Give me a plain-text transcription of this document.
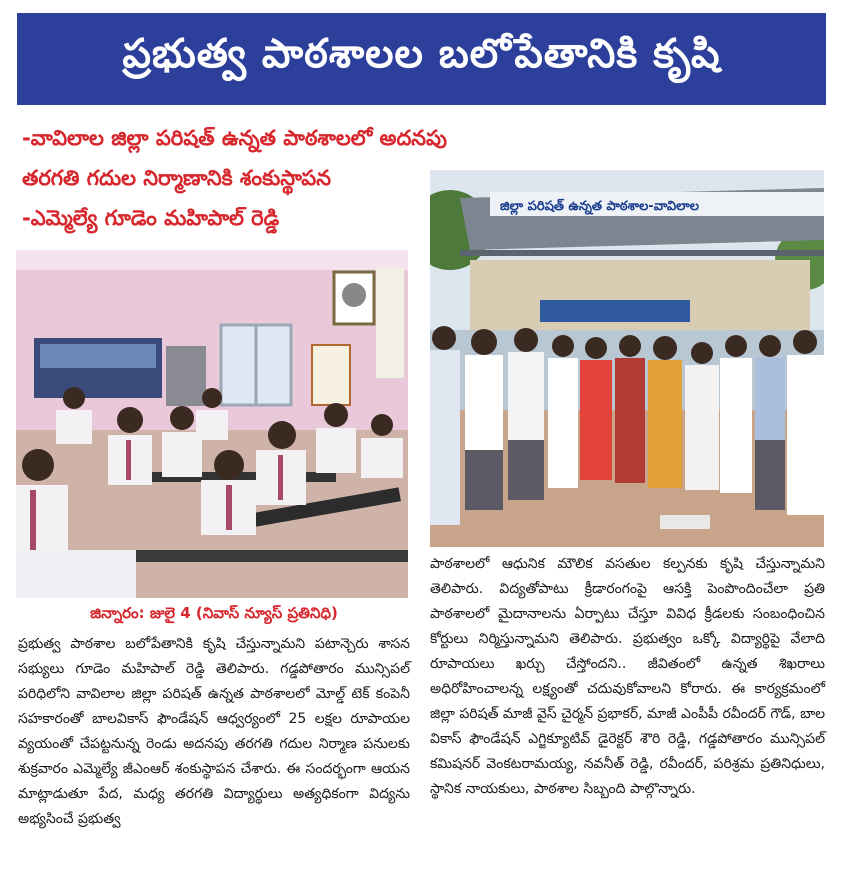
ప్రభుత్వ పాఠశాలల బలోపేతానికి కృషి
-వావిలాల జిల్లా పరిషత్ ఉన్నత పాఠశాలలో అదనపు
తరగతి గదుల నిర్మాణానికి శంకుస్థాపన
-ఎమ్మెల్యే గూడెం మహిపాల్ రెడ్డి	జిల్లా పరిషత్ ఉన్నత పాఠశాల-వావిలాల
జిన్నారం: జులై 4 (నివాస్ న్యూస్ ప్రతినిధి)

ప్రభుత్వ పాఠశాల బలోపేతానికి కృషి చేస్తున్నామని పటాన్చెరు శాసన సభ్యులు గూడెం మహిపాల్ రెడ్డి తెలిపారు. గడ్డపోతారం మున్సిపల్ పరిధిలోని వావిలాల జిల్లా పరిషత్ ఉన్నత పాఠశాలలో మోల్డ్ టెక్ కంపెనీ సహకారంతో బాలవికాస్ ఫౌండేషన్ ఆధ్వర్యంలో 25 లక్షల రూపాయల వ్యయంతో చేపట్టనున్న రెండు అదనపు తరగతి గదుల నిర్మాణ పనులకు శుక్రవారం ఎమ్మెల్యే జీఎంఆర్ శంకుస్థాపన చేశారు. ఈ సందర్భంగా ఆయన మాట్లాడుతూ పేద, మధ్య తరగతి విద్యార్థులు అత్యధికంగా విద్యను అభ్యసించే ప్రభుత్వ

పాఠశాలలో ఆధునిక మౌలిక వసతుల కల్పనకు కృషి చేస్తున్నామని తెలిపారు. విద్యతోపాటు క్రీడారంగంపై ఆసక్తి పెంపొందించేలా ప్రతి పాఠశాలలో మైదానాలను ఏర్పాటు చేస్తూ వివిధ క్రీడలకు సంబంధించిన కోర్టులు నిర్మిస్తున్నామని తెలిపారు. ప్రభుత్వం ఒక్కో విద్యార్థిపై వేలాది రూపాయలు ఖర్చు చేస్తోందని.. జీవితంలో ఉన్నత శిఖరాలు అధిరోహించాలన్న లక్ష్యంతో చదువుకోవాలని కోరారు. ఈ కార్యక్రమంలో జిల్లా పరిషత్ మాజీ వైస్ చైర్మన్ ప్రభాకర్, మాజీ ఎంపీపీ రవీందర్ గౌడ్, బాల వికాస్ ఫౌండేషన్ ఎగ్జిక్యూటివ్ డైరెక్టర్ శౌరి రెడ్డి, గడ్డపోతారం మున్సిపల్ కమిషనర్ వెంకటరామయ్య, నవనీత్ రెడ్డి, రవీందర్, పరిశ్రమ ప్రతినిధులు, స్థానిక నాయకులు, పాఠశాల సిబ్బంది పాల్గొన్నారు.
